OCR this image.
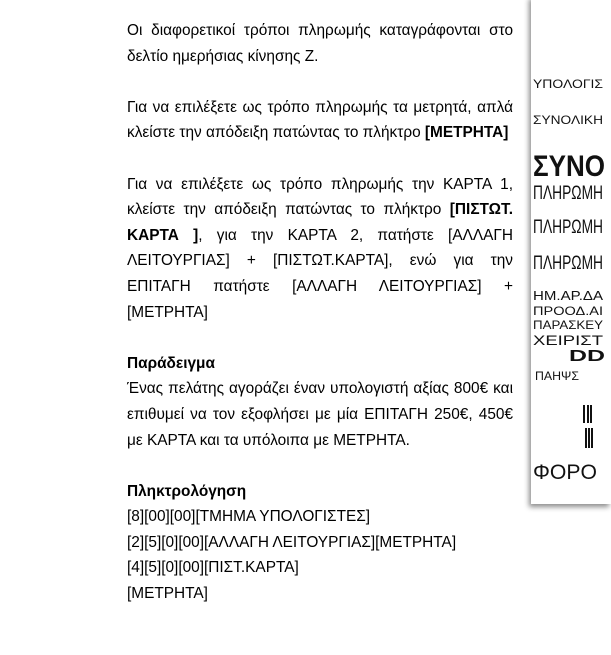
Οι διαφορετικοί τρόποι πληρωμής καταγράφονται στο δελτίο ημερήσιας κίνησης Ζ.

Για να επιλέξετε ως τρόπο πληρωμής τα μετρητά, απλά κλείστε την απόδειξη πατώντας το πλήκτρο [ΜΕΤΡΗΤΑ]

Για να επιλέξετε ως τρόπο πληρωμής την ΚΑΡΤΑ 1, κλείστε την απόδειξη πατώντας το πλήκτρο [ΠΙΣΤΩΤ. ΚΑΡΤΑ ], για την ΚΑΡΤΑ 2, πατήστε [ΑΛΛΑΓΗ ΛΕΙΤΟΥΡΓΙΑΣ] + [ΠΙΣΤΩΤ.ΚΑΡΤΑ], ενώ για την ΕΠΙΤΑΓΗ πατήστε [ΑΛΛΑΓΗ ΛΕΙΤΟΥΡΓΙΑΣ] + [ΜΕΤΡΗΤΑ]

Παράδειγμα
Ένας πελάτης αγοράζει έναν υπολογιστή αξίας 800€ και επιθυμεί να τον εξοφλήσει με μία ΕΠΙΤΑΓΗ 250€, 450€ με ΚΑΡΤΑ και τα υπόλοιπα με ΜΕΤΡΗΤΑ.

Πληκτρολόγηση
[8][00][00][ΤΜΗΜΑ ΥΠΟΛΟΓΙΣΤΕΣ]
[2][5][0][00][ΑΛΛΑΓΗ ΛΕΙΤΟΥΡΓΙΑΣ][ΜΕΤΡΗΤΑ]
[4][5][0][00][ΠΙΣΤ.ΚΑΡΤΑ]
[ΜΕΤΡΗΤΑ]

ΥΠΟΛΟΓΙΣ
ΣΥΝΟΛΙΚΗ
ΣΥΝΟ
ΠΛΗΡΩΜΗ
ΠΛΗΡΩΜΗ
ΠΛΗΡΩΜΗ
ΗΜ.ΑΡ.ΔΑ
ΠΡΟΟΔ.ΑΙ
ΠΑΡΑΣΚΕΥ
ΧΕΙΡΙΣΤ
DD
ΠΑΗΨΣ
ΦΟΡΟ
